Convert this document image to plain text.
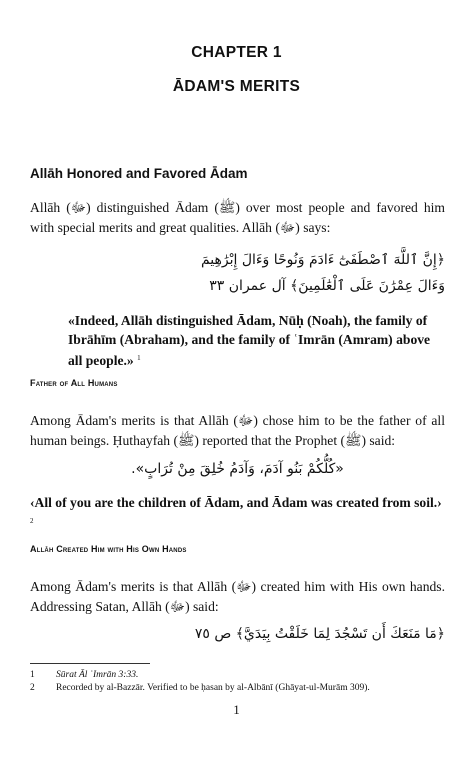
CHAPTER 1
ĀDAM'S MERITS
Allāh Honored and Favored Ādam
Allāh (ﷻ) distinguished Ādam (ﷺ) over most people and favored him with special merits and great qualities. Allāh (ﷻ) says:
﴿إِنَّ ٱللَّهَ ٱصْطَفَىٰٓ ءَادَمَ وَنُوحًا وَءَالَ إِبْرَٰهِيمَ
وَءَالَ عِمْرَٰنَ عَلَى ٱلْعَٰلَمِينَ﴾ آل عمران ٣٣
«Indeed, Allāh distinguished Ādam, Nūḥ (Noah), the family of Ibrāhīm (Abraham), and the family of ʿImrān (Amram) above all people.» $^1$
Father of All Humans
Among Ādam's merits is that Allāh (ﷻ) chose him to be the father of all human beings. Ḥuthayfah (ﷺ) reported that the Prophet (ﷺ) said:
«كُلُّكُمْ بَنُو آدَمَ، وَآدَمُ خُلِقَ مِنْ تُرَابٍ».
‹All of you are the children of Ādam, and Ādam was created from soil.› $^2$
Allāh Created Him with His Own Hands
Among Ādam's merits is that Allāh (ﷻ) created him with His own hands. Addressing Satan, Allāh (ﷻ) said:
﴿مَا مَنَعَكَ أَن تَسْجُدَ لِمَا خَلَقْتُ بِيَدَيَّ﴾ ص ٧٥
1 Sūrat Āl ʿImrān 3:33.
2 Recorded by al-Bazzār. Verified to be ḥasan by al-Albānī (Ghāyat-ul-Murām 309).
1
